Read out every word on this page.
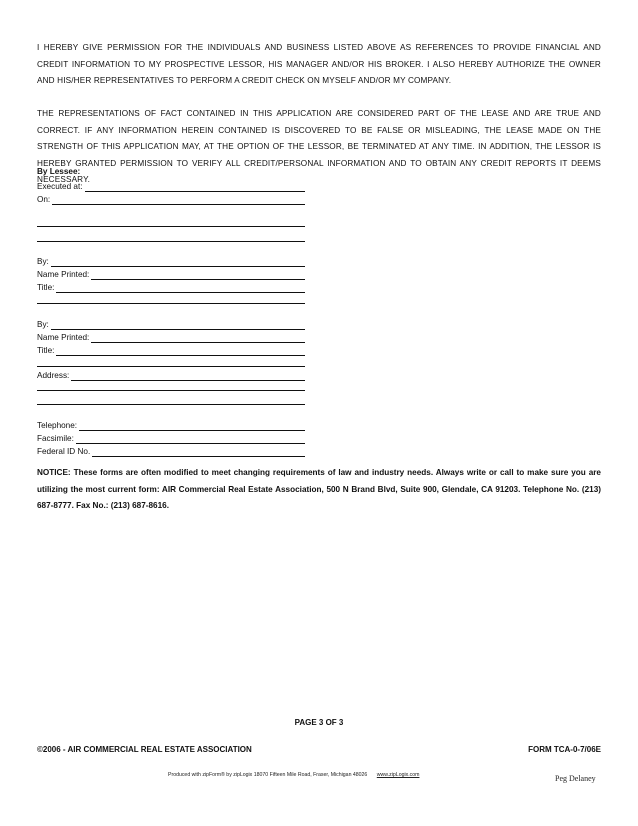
I HEREBY GIVE PERMISSION FOR THE INDIVIDUALS AND BUSINESS LISTED ABOVE AS REFERENCES TO PROVIDE FINANCIAL AND CREDIT INFORMATION TO MY PROSPECTIVE LESSOR, HIS MANAGER AND/OR HIS BROKER. I ALSO HEREBY AUTHORIZE THE OWNER AND HIS/HER REPRESENTATIVES TO PERFORM A CREDIT CHECK ON MYSELF AND/OR MY COMPANY.

THE REPRESENTATIONS OF FACT CONTAINED IN THIS APPLICATION ARE CONSIDERED PART OF THE LEASE AND ARE TRUE AND CORRECT. IF ANY INFORMATION HEREIN CONTAINED IS DISCOVERED TO BE FALSE OR MISLEADING, THE LEASE MADE ON THE STRENGTH OF THIS APPLICATION MAY, AT THE OPTION OF THE LESSOR, BE TERMINATED AT ANY TIME. IN ADDITION, THE LESSOR IS HEREBY GRANTED PERMISSION TO VERIFY ALL CREDIT/PERSONAL INFORMATION AND TO OBTAIN ANY CREDIT REPORTS IT DEEMS NECESSARY.

By Lessee:
Executed at:
On:
By:
Name Printed:
Title:
By:
Name Printed:
Title:
Address:
Telephone:
Facsimile:
Federal ID No.

NOTICE: These forms are often modified to meet changing requirements of law and industry needs. Always write or call to make sure you are utilizing the most current form: AIR Commercial Real Estate Association, 500 N Brand Blvd, Suite 900, Glendale, CA 91203. Telephone No. (213) 687-8777. Fax No.: (213) 687-8616.

PAGE 3 OF 3
©2006 - AIR COMMERCIAL REAL ESTATE ASSOCIATION	FORM TCA-0-7/06E
Produced with zipForm® by zipLogix 18070 Fifteen Mile Road, Fraser, Michigan 48026 www.zipLogix.com	Peg Delaney
